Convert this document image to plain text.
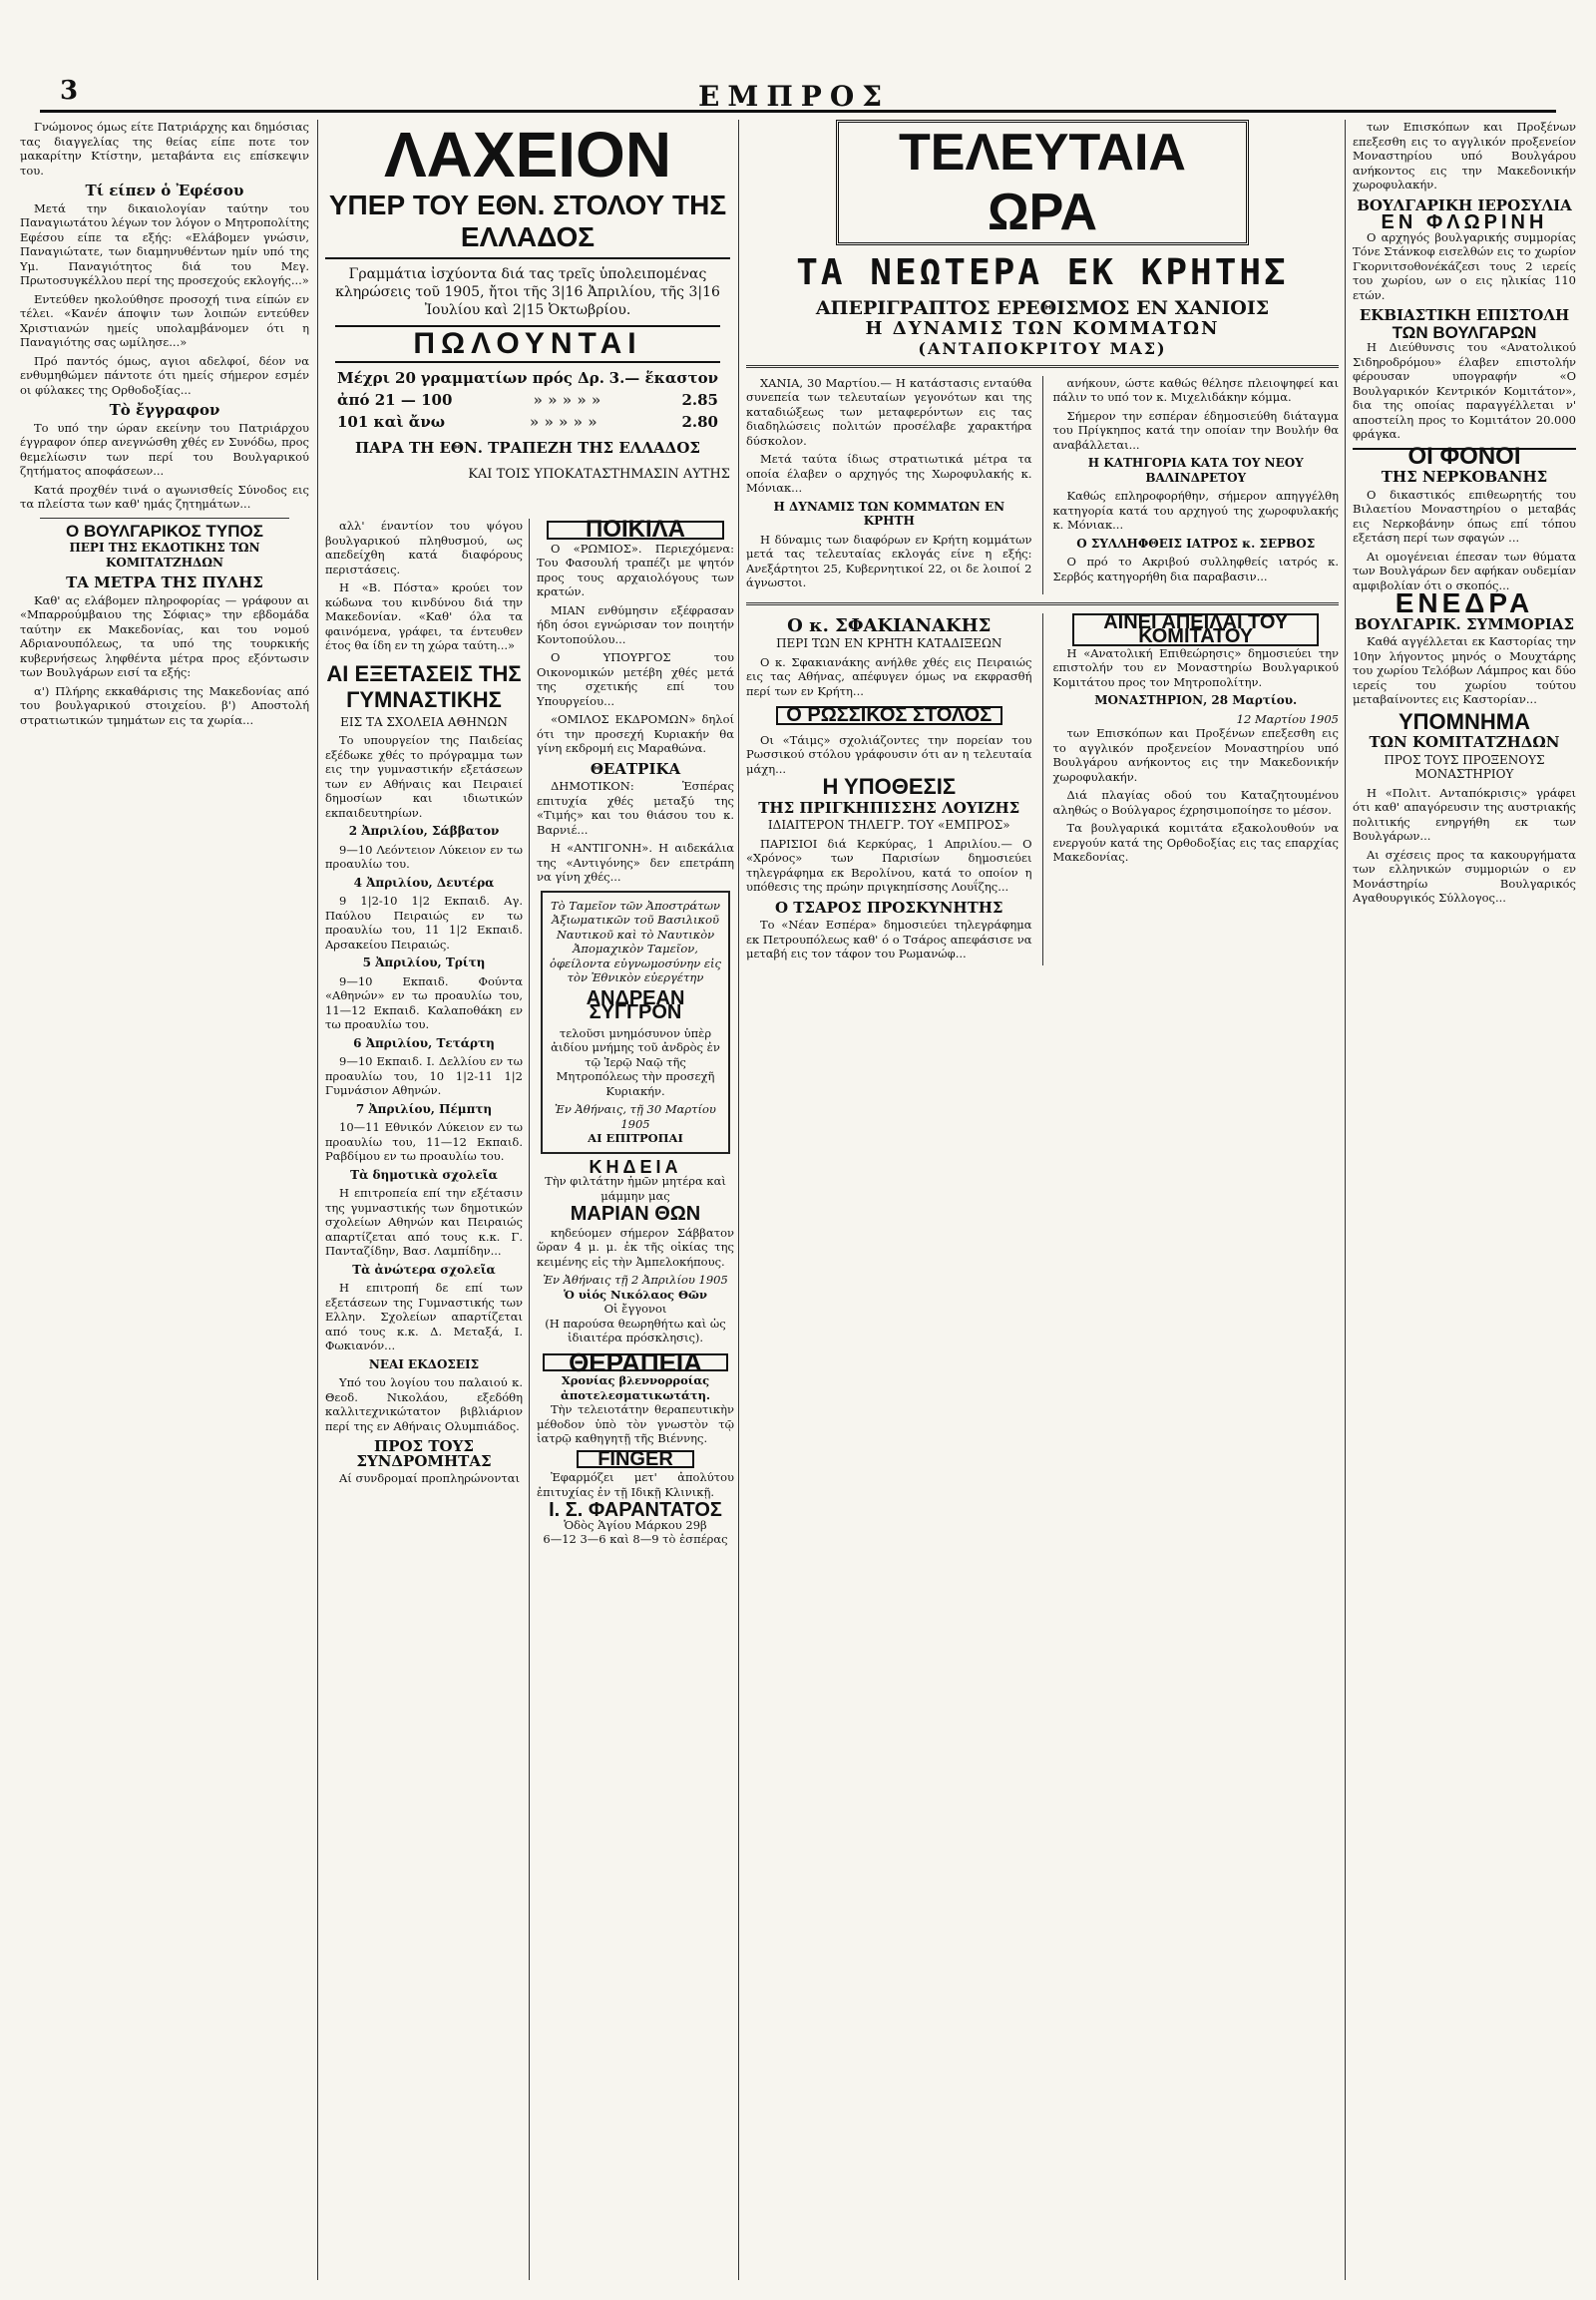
3	ΕΜΠΡΟΣ

Γνώμονος όμως είτε Πατριάρχης και δημόσιας τας διαγγελίας της θείας είπε ποτε τον μακαρίτην Κτίστην, μεταβάντα εις επίσκεψιν του.

Τί είπεν ὁ Ἐφέσου

Μετά την δικαιολογίαν ταύτην του Παναγιωτάτου λέγων τον λόγον ο Μητροπολίτης Εφέσου είπε τα εξής: «Ελάβομεν γνώσιν, Παναγιώτατε, των διαμηνυθέντων ημίν υπό της Υμ. Παναγιότητος διά του Μεγ. Πρωτοσυγκέλλου περί της προσεχούς εκλογής...»

Εντεύθεν ηκολούθησε προσοχή τινα είπών εν τέλει. «Κανέν άποψιν των λοιπών εντεύθεν Χριστιανών ημείς υπολαμβάνομεν ότι η Παναγιότης σας ωμίλησε...»

Πρό παντός όμως, αγιοι αδελφοί, δέον να ενθυμηθώμεν πάντοτε ότι ημείς σήμερον εσμέν οι φύλακες της Ορθοδοξίας...

Τὸ ἔγγραφον

Το υπό την ώραν εκείνην του Πατριάρχου έγγραφον όπερ ανεγνώσθη χθές εν Συνόδω, προς θεμελίωσιν των περί του Βουλγαρικού ζητήματος αποφάσεων...

Κατά προχθέν τινά ο αγωνισθείς Σύνοδος εις τα πλείστα των καθ' ημάς ζητημάτων...

Ο ΒΟΥΛΓΑΡΙΚΟΣ ΤΥΠΟΣ
ΠΕΡΙ ΤΗΣ ΕΚΔΟΤΙΚΗΣ ΤΩΝ ΚΟΜΙΤΑΤΖΗΔΩΝ
ΤΑ ΜΕΤΡΑ ΤΗΣ ΠΥΛΗΣ

Καθ' ας ελάβομεν πληροφορίας — γράφουν αι «Μπαρρούμβαιου της Σόφιας» την εβδομάδα ταύτην εκ Μακεδονίας, και του νομού Αδριανουπόλεως, τα υπό της τουρκικής κυβερνήσεως ληφθέντα μέτρα προς εξόντωσιν των Βουλγάρων εισί τα εξής:

α') Πλήρης εκκαθάρισις της Μακεδονίας από του βουλγαρικού στοιχείου. β') Αποστολή στρατιωτικών τμημάτων εις τα χωρία...

ΛΑΧΕΙΟΝ
ΥΠΕΡ ΤΟΥ ΕΘΝ. ΣΤΟΛΟΥ ΤΗΣ ΕΛΛΑΔΟΣ
Γραμμάτια ἰσχύοντα διά τας τρεῖς ὑπολειπομένας κληρώσεις τοῦ 1905, ἤτοι τῆς 3|16 Ἀπριλίου, τῆς 3|16 Ἰουλίου καὶ 2|15 Ὀκτωβρίου.
ΠΩΛΟΥΝΤΑΙ
Μέχρι 20 γραμματίων πρός Δρ. 3.— ἕκαστον
ἀπό 21 — 100	» » » » »	2.85
101 καὶ ἄνω	» » » » »	2.80
ΠΑΡΑ ΤΗ ΕΘΝ. ΤΡΑΠΕΖΗ ΤΗΣ ΕΛΛΑΔΟΣ
ΚΑΙ ΤΟΙΣ ΥΠΟΚΑΤΑΣΤΗΜΑΣΙΝ ΑΥΤΗΣ

αλλ' έναντίον του ψόγου βουλγαρικού πληθυσμού, ως απεδείχθη κατά διαφόρους περιστάσεις.

Η «Β. Πόστα» κρούει τον κώδωνα του κινδύνου διά την Μακεδονίαν. «Καθ' όλα τα φαινόμενα, γράφει, τα έντευθεν έτος θα ίδη εν τη χώρα ταύτη...»

ΑΙ ΕΞΕΤΑΣΕΙΣ ΤΗΣ ΓΥΜΝΑΣΤΙΚΗΣ
ΕΙΣ ΤΑ ΣΧΟΛΕΙΑ ΑΘΗΝΩΝ

Το υπουργείον της Παιδείας εξέδωκε χθές το πρόγραμμα των εις την γυμναστικήν εξετάσεων των εν Αθήναις και Πειραιεί δημοσίων και ιδιωτικών εκπαιδευτηρίων.

2 Ἀπριλίου, Σάββατον

9—10 Λεόντειον Λύκειον εν τω προαυλίω του.

4 Ἀπριλίου, Δευτέρα

9 1|2-10 1|2 Εκπαιδ. Αγ. Παύλου Πειραιώς εν τω προαυλίω του, 11 1|2 Εκπαιδ. Αρσακείου Πειραιώς.

5 Ἀπριλίου, Τρίτη

9—10 Εκπαιδ. Φούντα «Αθηνών» εν τω προαυλίω του, 11—12 Εκπαιδ. Καλαποθάκη εν τω προαυλίω του.

6 Ἀπριλίου, Τετάρτη

9—10 Εκπαιδ. Ι. Δελλίου εν τω προαυλίω του, 10 1|2-11 1|2 Γυμνάσιον Αθηνών.

7 Ἀπριλίου, Πέμπτη

10—11 Εθνικόν Λύκειον εν τω προαυλίω του, 11—12 Εκπαιδ. Ραβδίμου εν τω προαυλίω του.

Τὰ δημοτικὰ σχολεῖα

Η επιτροπεία επί την εξέτασιν της γυμναστικής των δημοτικών σχολείων Αθηνών και Πειραιώς απαρτίζεται από τους κ.κ. Γ. Πανταζίδην, Βασ. Λαμπίδην...

Τὰ ἀνώτερα σχολεῖα

Η επιτροπή δε επί των εξετάσεων της Γυμναστικής των Ελλην. Σχολείων απαρτίζεται από τους κ.κ. Δ. Μεταξά, Ι. Φωκιανόν...

ΝΕΑΙ ΕΚΔΟΣΕΙΣ

Υπό του λογίου του παλαιού κ. Θεοδ. Νικολάου, εξεδόθη καλλιτεχνικώτατον βιβλιάριον περί της εν Αθήναις Ολυμπιάδος.

ΠΡΟΣ ΤΟΥΣ ΣΥΝΔΡΟΜΗΤΑΣ

Αί συνδρομαί προπληρώνονται

ΠΟΙΚΙΛΑ

Ο «ΡΩΜΙΟΣ». Περιεχόμενα: Του Φασουλή τραπέζι με ψητόν προς τους αρχαιολόγους των κρατών.

ΜΙΑΝ ενθύμησιν εξέφρασαν ήδη όσοι εγνώρισαν τον ποιητήν Κοντοπούλου...

Ο ΥΠΟΥΡΓΟΣ του Οικονομικών μετέβη χθές μετά της σχετικής επί του Υπουργείου...

«ΟΜΙΛΟΣ ΕΚΔΡΟΜΩΝ» δηλοί ότι την προσεχή Κυριακήν θα γίνη εκδρομή εις Μαραθώνα.

ΘΕΑΤΡΙΚΑ

ΔΗΜΟΤΙΚΟΝ: Ἑσπέρας επιτυχία χθές μεταξύ της «Τιμής» και του θιάσου του κ. Βαρνιέ...

Η «ΑΝΤΙΓΟΝΗ». Η αιδεκάλια της «Αντιγόνης» δεν επετράπη να γίνη χθές...

Τὸ Ταμεῖον τῶν Ἀποστράτων Ἀξιωματικῶν τοῦ Βασιλικοῦ Ναυτικοῦ καὶ τὸ Ναυτικὸν Ἀπομαχικὸν Ταμεῖον, ὀφείλοντα εὐγνωμοσύνην εἰς τὸν Ἐθνικὸν εὐεργέτην
ΑΝΔΡΕΑΝ ΣΥΓΓΡΟΝ
τελοῦσι μνημόσυνον ὑπὲρ ἀιδίου μνήμης τοῦ ἀνδρὸς ἐν τῷ Ἱερῷ Ναῷ τῆς Μητροπόλεως τὴν προσεχῆ Κυριακήν.
Ἐν Ἀθήναις, τῇ 30 Μαρτίου 1905
ΑΙ ΕΠΙΤΡΟΠΑΙ
ΚΗΔΕΙΑ
Τὴν φιλτάτην ἡμῶν μητέρα καὶ μάμμην μας
ΜΑΡΙΑΝ ΘΩΝ

κηδεύομεν σήμερον Σάββατον ὥραν 4 μ. μ. ἐκ τῆς οἰκίας της κειμένης εἰς τὴν Ἀμπελοκήπους.

Ἐν Ἀθήναις τῇ 2 Ἀπριλίου 1905
Ὁ υἱός Νικόλαος Θῶν
Οἱ ἔγγονοι
(Η παρούσα θεωρηθήτω καὶ ὡς ἰδιαιτέρα πρόσκλησις).
ΘΕΡΑΠΕΙΑ
Χρονίας βλεννορροίας ἀποτελεσματικωτάτη.

Τὴν τελειοτάτην θεραπευτικὴν μέθοδον ὑπὸ τὸν γνωστὸν τῷ ἰατρῷ καθηγητῇ τῆς Βιέννης.

FINGER

Ἐφαρμόζει μετ' ἀπολύτου ἐπιτυχίας ἐν τῇ Ιδικῇ Κλινικῇ.

Ι. Σ. ΦΑΡΑΝΤΑΤΟΣ
Ὁδὸς Ἁγίου Μάρκου 29β
6—12 3—6 καὶ 8—9 τὸ ἑσπέρας
ΤΕΛΕΥΤΑΙΑ ΩΡΑ
ΤΑ ΝΕΩΤΕΡΑ ΕΚ ΚΡΗΤΗΣ
ΑΠΕΡΙΓΡΑΠΤΟΣ ΕΡΕΘΙΣΜΟΣ ΕΝ ΧΑΝΙΟΙΣ
Η ΔΥΝΑΜΙΣ ΤΩΝ ΚΟΜΜΑΤΩΝ
(ΑΝΤΑΠΟΚΡΙΤΟΥ ΜΑΣ)

ΧΑΝΙΑ, 30 Μαρτίου.— Η κατάστασις ενταύθα συνεπεία των τελευταίων γεγονότων και της καταδιώξεως των μεταφερόντων εις τας διαδηλώσεις πολιτών προσέλαβε χαρακτήρα δύσκολον.

Μετά ταύτα ίδιως στρατιωτικά μέτρα τα οποία έλαβεν ο αρχηγός της Χωροφυλακής κ. Μόνιακ...

Η ΔΥΝΑΜΙΣ ΤΩΝ ΚΟΜΜΑΤΩΝ ΕΝ ΚΡΗΤΗ

Η δύναμις των διαφόρων εν Κρήτη κομμάτων μετά τας τελευταίας εκλογάς είνε η εξής: Ανεξάρτητοι 25, Κυβερνητικοί 22, οι δε λοιποί 2 άγνωστοι.

ανήκουν, ώστε καθώς θέλησε πλειοψηφεί και πάλιν το υπό τον κ. Μιχελιδάκην κόμμα.

Σήμερον την εσπέραν έδημοσιεύθη διάταγμα του Πρίγκηπος κατά την οποίαν την Βουλήν θα αναβάλλεται...

Η ΚΑΤΗΓΟΡΙΑ ΚΑΤΑ ΤΟΥ ΝΕΟΥ ΒΑΛΙΝΔΡΕΤΟΥ

Καθώς επληροφορήθην, σήμερον απηγγέλθη κατηγορία κατά του αρχηγού της χωροφυλακής κ. Μόνιακ...

Ο ΣΥΛΛΗΦΘΕΙΣ ΙΑΤΡΟΣ κ. ΣΕΡΒΟΣ

Ο πρό το Ακριβού συλληφθείς ιατρός κ. Σερβός κατηγορήθη δια παραβασιν...

Ο κ. ΣΦΑΚΙΑΝΑΚΗΣ
ΠΕΡΙ ΤΩΝ ΕΝ ΚΡΗΤΗ ΚΑΤΑΔΙΞΕΩΝ

Ο κ. Σφακιανάκης ανήλθε χθές εις Πειραιώς εις τας Αθήνας, απέφυγεν όμως να εκφρασθή περί των εν Κρήτη...

Ο ΡΩΣΣΙΚΟΣ ΣΤΟΛΟΣ

Οι «Τάιμς» σχολιάζοντες την πορείαν του Ρωσσικού στόλου γράφουσιν ότι αν η τελευταία μάχη...

Η ΥΠΟΘΕΣΙΣ
ΤΗΣ ΠΡΙΓΚΗΠΙΣΣΗΣ ΛΟΥΙΖΗΣ
ΙΔΙΑΙΤΕΡΟΝ ΤΗΛΕΓΡ. ΤΟΥ «ΕΜΠΡΟΣ»

ΠΑΡΙΣΙΟΙ διά Κερκύρας, 1 Απριλίου.— Ο «Χρόνος» των Παρισίων δημοσιεύει τηλεγράφημα εκ Βερολίνου, κατά το οποίον η υπόθεσις της πρώην πριγκηπίσσης Λουΐζης...

Ο ΤΣΑΡΟΣ ΠΡΟΣΚΥΝΗΤΗΣ

Το «Νέαν Εσπέρα» δημοσιεύει τηλεγράφημα εκ Πετρουπόλεως καθ' ό ο Τσάρος απεφάσισε να μεταβή εις τον τάφον του Ρωμανώφ...

ΑΙΝΕΙ ΑΠΕΙΛΑΙ ΤΟΥ ΚΟΜΙΤΑΤΟΥ

Η «Ανατολική Επιθεώρησις» δημοσιεύει την επιστολήν του εν Μοναστηρίω Βουλγαρικού Κομιτάτου προς τον Μητροπολίτην.

ΜΟΝΑΣΤΗΡΙΟΝ, 28 Μαρτίου.
12 Μαρτίου 1905

των Επισκόπων και Προξένων επεξεσθη εις το αγγλικόν προξενείον Μοναστηρίου υπό Βουλγάρου ανήκοντος εις την Μακεδονικήν χωροφυλακήν.

Διά πλαγίας οδού του Καταζητουμένου αληθώς ο Βούλγαρος έχρησιμοποίησε το μέσον.

Τα βουλγαρικά κομιτάτα εξακολουθούν να ενεργούν κατά της Ορθοδοξίας εις τας επαρχίας Μακεδονίας.

των Επισκόπων και Προξένων επεξεσθη εις το αγγλικόν προξενείον Μοναστηρίου υπό Βουλγάρου ανήκοντος εις την Μακεδονικήν χωροφυλακήν.

ΒΟΥΛΓΑΡΙΚΗ ΙΕΡΟΣΥΛΙΑ
ΕΝ ΦΛΩΡΙΝΗ

Ο αρχηγός βουλγαρικής συμμορίας Τόνε Στάνκοφ εισελθών εις το χωρίον Γκορνιτσοθονέκάζεσι τους 2 ιερείς του χωρίου, ων ο εις ηλικίας 110 ετών.

ΕΚΒΙΑΣΤΙΚΗ ΕΠΙΣΤΟΛΗ
ΤΩΝ ΒΟΥΛΓΑΡΩΝ

Η Διεύθυνσις του «Ανατολικού Σιδηροδρόμου» έλαβεν επιστολήν φέρουσαν υπογραφήν «Ο Βουλγαρικόν Κεντρικόν Κομιτάτον», δια της οποίας παραγγέλλεται ν' αποστείλη προς το Κομιτάτον 20.000 φράγκα.

ΟΙ ΦΟΝΟΙ
ΤΗΣ ΝΕΡΚΟΒΑΝΗΣ

Ο δικαστικός επιθεωρητής του Βιλαετίου Μοναστηρίου ο μεταβάς εις Νερκοβάνην όπως επί τόπου εξετάση περί των σφαγών ...

Αι ομογένειαι έπεσαν των θύματα των Βουλγάρων δεν αφήκαν ουδεμίαν αμφιβολίαν ότι ο σκοπός...

ΕΝΕΔΡΑ
ΒΟΥΛΓΑΡΙΚ. ΣΥΜΜΟΡΙΑΣ

Καθά αγγέλλεται εκ Καστορίας την 10ην λήγοντος μηνός ο Μουχτάρης του χωρίου Τελόβων Λάμπρος και δύο ιερείς του χωρίου τούτου μεταβαίνοντες εις Καστορίαν...

ΥΠΟΜΝΗΜΑ
ΤΩΝ ΚΟΜΙΤΑΤΖΗΔΩΝ
ΠΡΟΣ ΤΟΥΣ ΠΡΟΞΕΝΟΥΣ ΜΟΝΑΣΤΗΡΙΟΥ

Η «Πολιτ. Ανταπόκρισις» γράφει ότι καθ' απαγόρευσιν της αυστριακής πολιτικής ενηργήθη εκ των Βουλγάρων...

Αι σχέσεις προς τα κακουργήματα των ελληνικών συμμοριών ο εν Μονάστηρίω Βουλγαρικός Αγαθουργικός Σύλλογος...
